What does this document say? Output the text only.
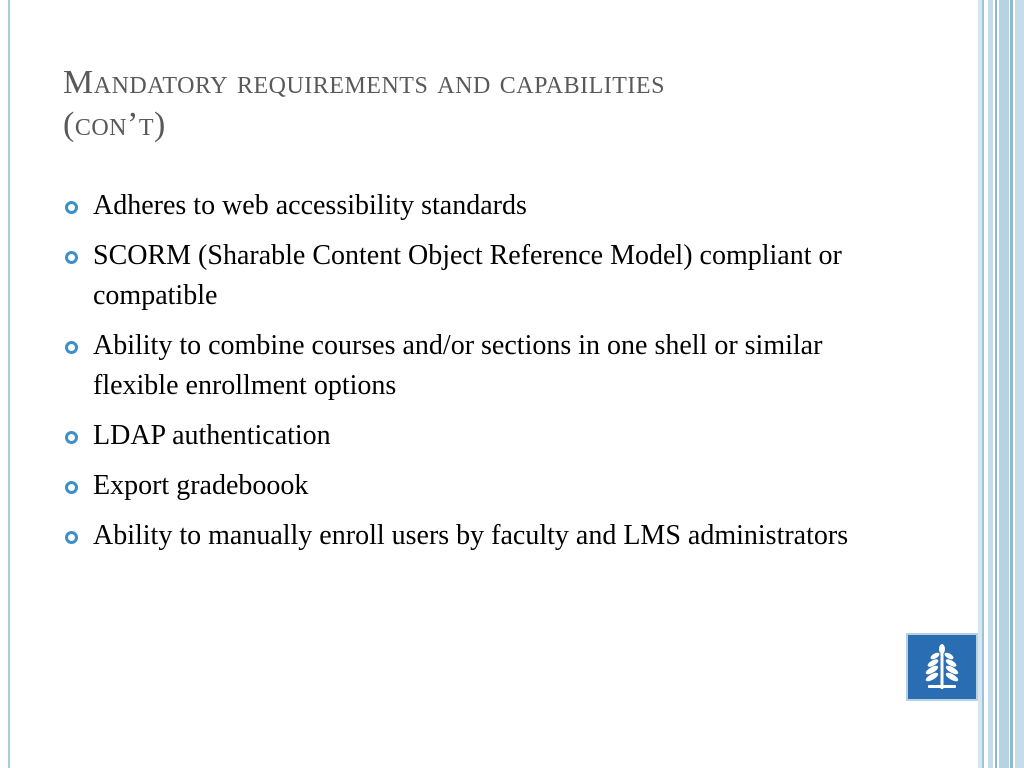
Mandatory requirements and capabilities
(con’t)
Adheres to web accessibility standards
SCORM (Sharable Content Object Reference Model) compliant or compatible
Ability to combine courses and/or sections in one shell or similar flexible enrollment options
LDAP authentication
Export gradeboook
Ability to manually enroll users by faculty and LMS administrators
